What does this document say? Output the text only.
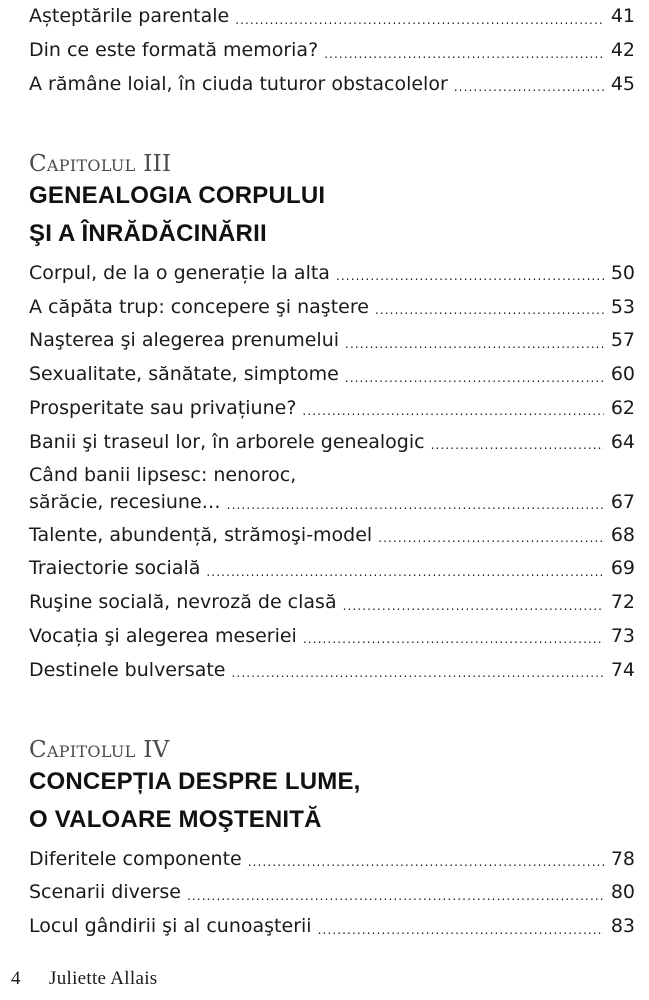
Așteptările parentale .....	41
Din ce este formată memoria? .....	42
A rămâne loial, în ciuda tuturor obstacolelor .....	45
Capitolul III
GENEALOGIA CORPULUI
ŞI A ÎNRĂDĂCINĂRII
Corpul, de la o generație la alta .....	50
A căpăta trup: concepere şi naştere .....	53
Naşterea şi alegerea prenumelui .....	57
Sexualitate, sănătate, simptome .....	60
Prosperitate sau privațiune? .....	62
Banii şi traseul lor, în arborele genealogic .....	64
Când banii lipsesc: nenoroc,
sărăcie, recesiune… .....	67
Talente, abundență, strămoşi-model .....	68
Traiectorie socială .....	69
Ruşine socială, nevroză de clasă .....	72
Vocația şi alegerea meseriei .....	73
Destinele bulversate .....	74
Capitolul IV
CONCEPȚIA DESPRE LUME,
O VALOARE MOŞTENITĂ
Diferitele componente .....	78
Scenarii diverse .....	80
Locul gândirii şi al cunoaşterii .....	83
4 Juliette Allais
